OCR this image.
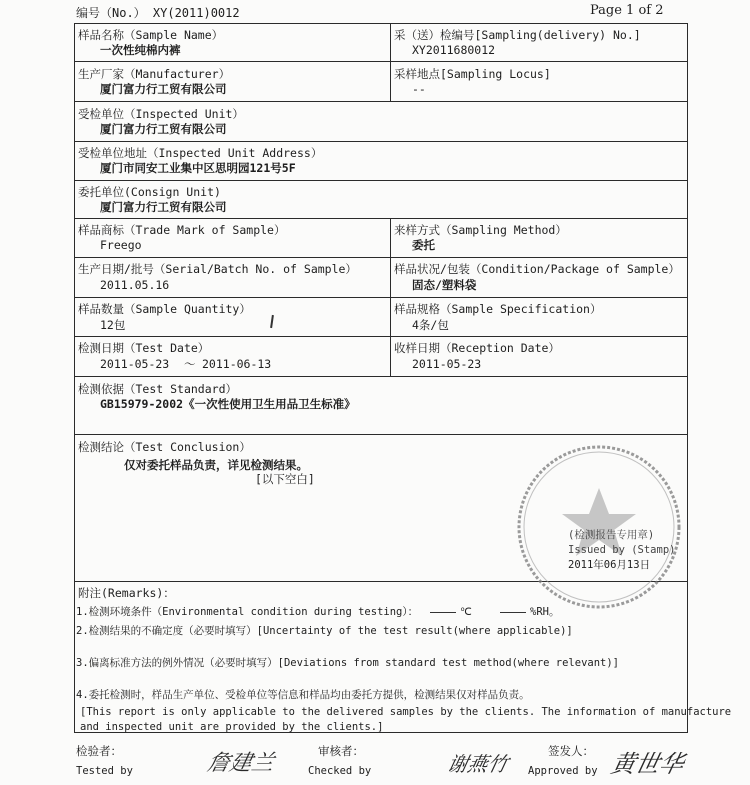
编号（No.） XY(2011)0012	Page 1 of 2
样品名称（Sample Name）
一次性纯棉内裤
采（送）检编号[Sampling(delivery) No.]
XY2011680012
生产厂家（Manufacturer）
厦门富力行工贸有限公司
采样地点[Sampling Locus]
--
受检单位（Inspected Unit）
厦门富力行工贸有限公司
受检单位地址（Inspected Unit Address）
厦门市同安工业集中区思明园121号5F
委托单位(Consign Unit)
厦门富力行工贸有限公司
样品商标（Trade Mark of Sample）
Freego
来样方式（Sampling Method）
委托
生产日期/批号（Serial/Batch No. of Sample）
2011.05.16
样品状况/包装（Condition/Package of Sample）
固态/塑料袋
样品数量（Sample Quantity）
12包
样品规格（Sample Specification）
4条/包
检测日期（Test Date）
2011-05-23 ～ 2011-06-13
收样日期（Reception Date）
2011-05-23
检测依据（Test Standard）
GB15979-2002《一次性使用卫生用品卫生标准》
检测结论（Test Conclusion）
仅对委托样品负责，详见检测结果。
[以下空白]
(检测报告专用章)
Issued by (Stamp)
2011年06月13日
附注(Remarks)：
1.检测环境条件（Environmental condition during testing）：	℃	%RH。
2.检测结果的不确定度（必要时填写）[Uncertainty of the test result(where applicable)]
3.偏离标准方法的例外情况（必要时填写）[Deviations from standard test method(where relevant)]
4.委托检测时，样品生产单位、受检单位等信息和样品均由委托方提供，检测结果仅对样品负责。
[This report is only applicable to the delivered samples by the clients. The information of manufacture
and inspected unit are provided by the clients.]
检验者：
Tested by	詹建兰	审核者：
Checked by	谢燕竹
签发人：
Approved by 黄世华
